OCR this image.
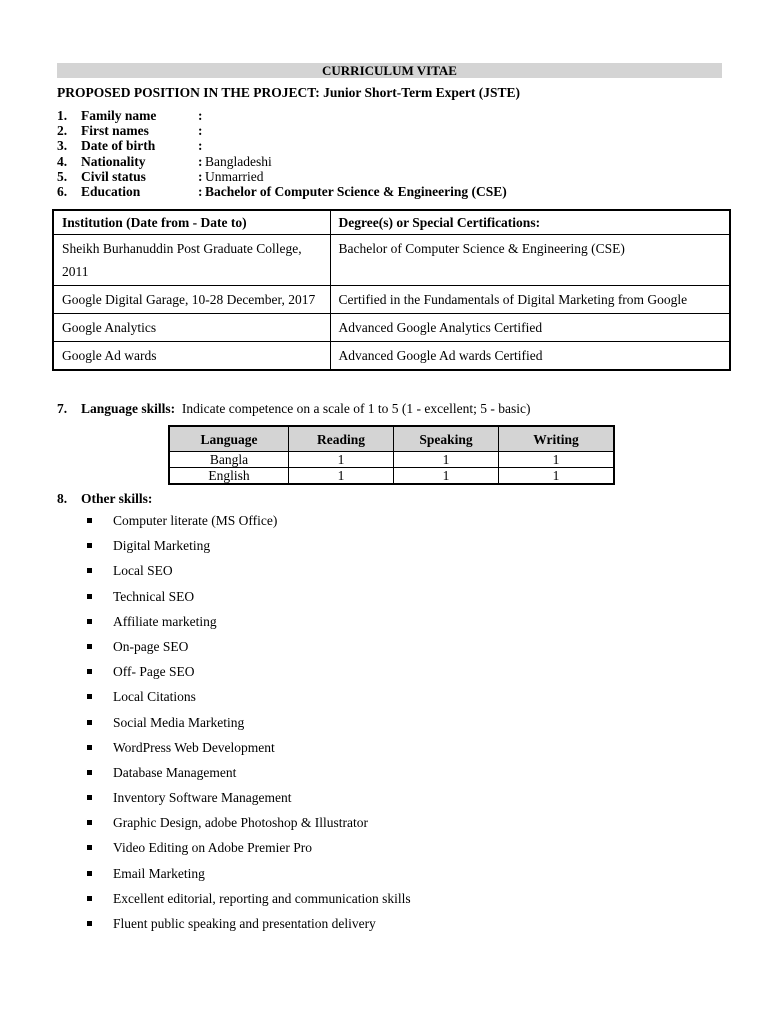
CURRICULUM VITAE
PROPOSED POSITION IN THE PROJECT: Junior Short-Term Expert (JSTE)
1.	Family name	:
2.	First names	:
3.	Date of birth	:
4.	Nationality	: Bangladeshi
5.	Civil status	: Unmarried
6.	Education	: Bachelor of Computer Science & Engineering (CSE)
Institution (Date from - Date to)	Degree(s) or Special Certifications:
Sheikh Burhanuddin Post Graduate College, 2011	Bachelor of Computer Science & Engineering (CSE)
Google Digital Garage, 10-28 December, 2017	Certified in the Fundamentals of Digital Marketing from Google
Google Analytics	Advanced Google Analytics Certified
Google Ad wards	Advanced Google Ad wards Certified
7. Language skills: Indicate competence on a scale of 1 to 5 (1 - excellent; 5 - basic)
Language	Reading	Speaking	Writing
Bangla	1	1	1
English	1	1	1
8. Other skills:
Computer literate (MS Office)
Digital Marketing
Local SEO
Technical SEO
Affiliate marketing
On-page SEO
Off- Page SEO
Local Citations
Social Media Marketing
WordPress Web Development
Database Management
Inventory Software Management
Graphic Design, adobe Photoshop & Illustrator
Video Editing on Adobe Premier Pro
Email Marketing
Excellent editorial, reporting and communication skills
Fluent public speaking and presentation delivery
